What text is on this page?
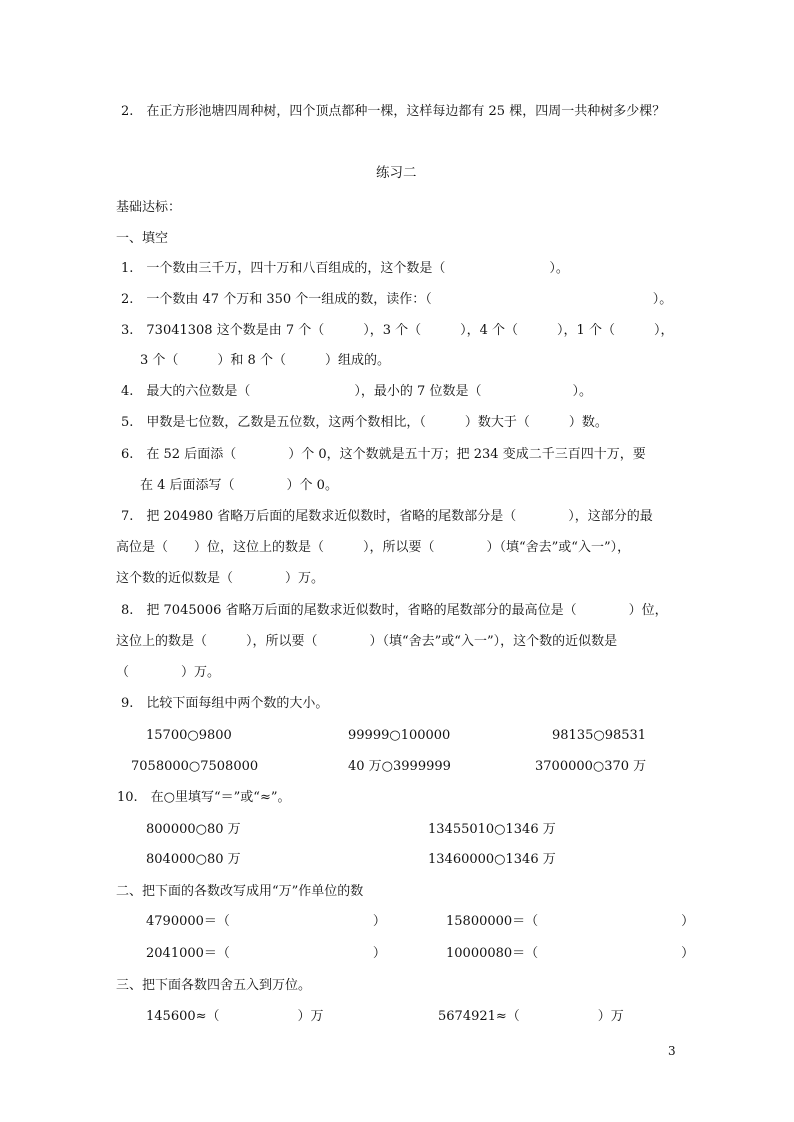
2.　在正方形池塘四周种树，四个顶点都种一棵，这样每边都有 25 棵，四周一共种树多少棵？
练习二
基础达标：
一、填空
1.　一个数由三千万，四十万和八百组成的，这个数是（　　　　　　　　）。
2.　一个数由 47 个万和 350 个一组成的数，读作：（　　　　　　　　　　　　　　　　　）。
3.　73041308 这个数是由 7 个（　　　），3 个（　　　），4 个（　　　），1 个（　　　），
3 个（　　　）和 8 个（　　　）组成的。
4.　最大的六位数是（　　　　　　　　），最小的 7 位数是（　　　　　　　）。
5.　甲数是七位数，乙数是五位数，这两个数相比，（　　　）数大于（　　　）数。
6.　在 52 后面添（　　　　）个 0，这个数就是五十万；把 234 变成二千三百四十万，要
在 4 后面添写（　　　　）个 0。
7.　把 204980 省略万后面的尾数求近似数时，省略的尾数部分是（　　　　），这部分的最
高位是（　　）位，这位上的数是（　　　），所以要（　　　　）（填“舍去”或“入一”），
这个数的近似数是（　　　　）万。
8.　把 7045006 省略万后面的尾数求近似数时，省略的尾数部分的最高位是（　　　　）位，
这位上的数是（　　　），所以要（　　　　）（填“舍去”或“入一”），这个数的近似数是
（　　　　）万。
9.　比较下面每组中两个数的大小。
15700○9800	99999○100000	98135○98531
7058000○7508000	40 万○3999999	3700000○370 万
10.　在○里填写“＝”或“≈”。
800000○80 万	13455010○1346 万
804000○80 万	13460000○1346 万
二、把下面的各数改写成用“万”作单位的数
4790000＝（　　　　　　　　　　　）	15800000＝（　　　　　　　　　　　）
2041000＝（　　　　　　　　　　　）	10000080＝（　　　　　　　　　　　）
三、把下面各数四舍五入到万位。
145600≈（　　　　　　）万	5674921≈（　　　　　　）万
3
